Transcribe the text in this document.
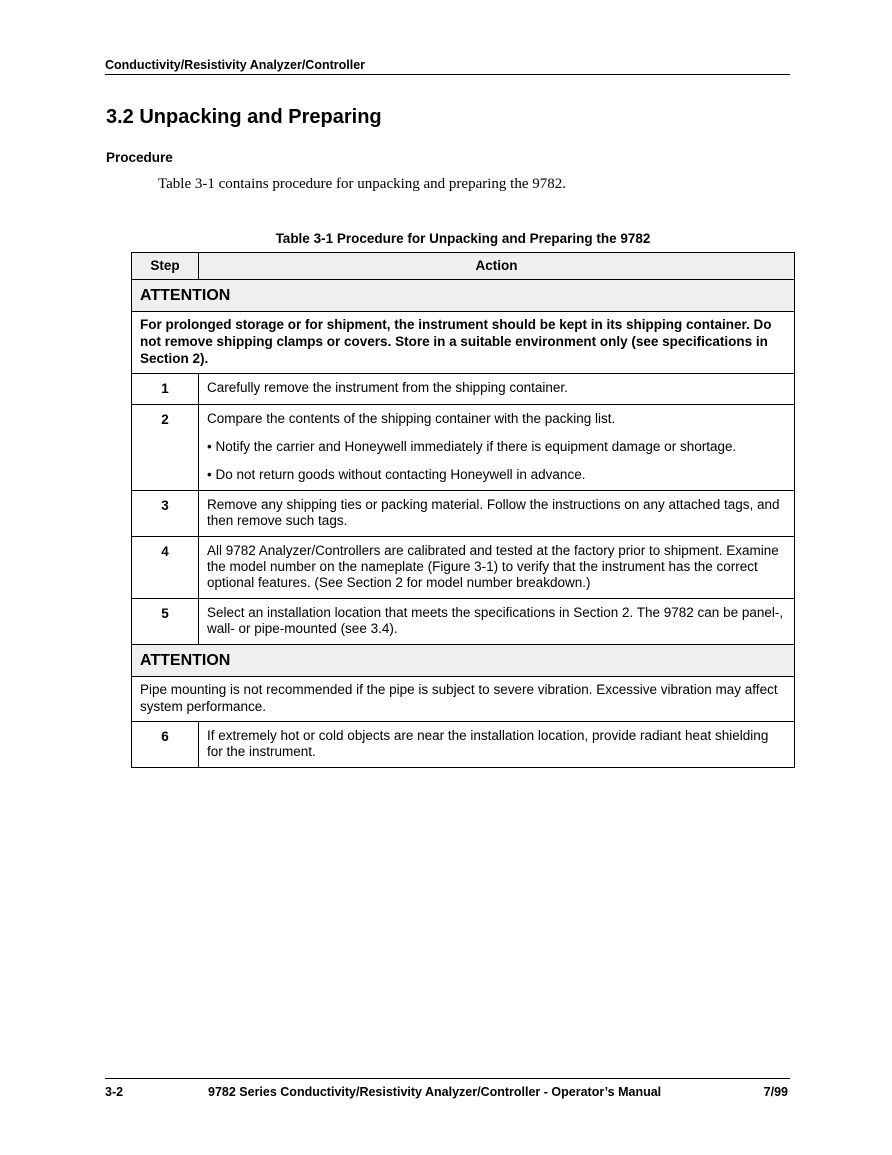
Conductivity/Resistivity Analyzer/Controller
3.2 Unpacking and Preparing
Procedure
Table 3-1 contains procedure for unpacking and preparing the 9782.
Table 3-1 Procedure for Unpacking and Preparing the 9782
Step	Action
ATTENTION	
For prolonged storage or for shipment, the instrument should be kept in its shipping container. Do not remove shipping clamps or covers. Store in a suitable environment only (see specifications in Section 2).	
1	Carefully remove the instrument from the shipping container.

2	Compare the contents of the shipping container with the packing list.

• Notify the carrier and Honeywell immediately if there is equipment damage or shortage.

• Do not return goods without contacting Honeywell in advance.

3	Remove any shipping ties or packing material. Follow the instructions on any attached tags, and then remove such tags.

4	All 9782 Analyzer/Controllers are calibrated and tested at the factory prior to shipment. Examine the model number on the nameplate (Figure 3-1) to verify that the instrument has the correct optional features. (See Section 2 for model number breakdown.)

5	Select an installation location that meets the specifications in Section 2. The 9782 can be panel-, wall- or pipe-mounted (see 3.4).

ATTENTION	
Pipe mounting is not recommended if the pipe is subject to severe vibration. Excessive vibration may affect system performance.	
6	If extremely hot or cold objects are near the installation location, provide radiant heat shielding for the instrument.

3-2	9782 Series Conductivity/Resistivity Analyzer/Controller - Operator’s Manual	7/99
